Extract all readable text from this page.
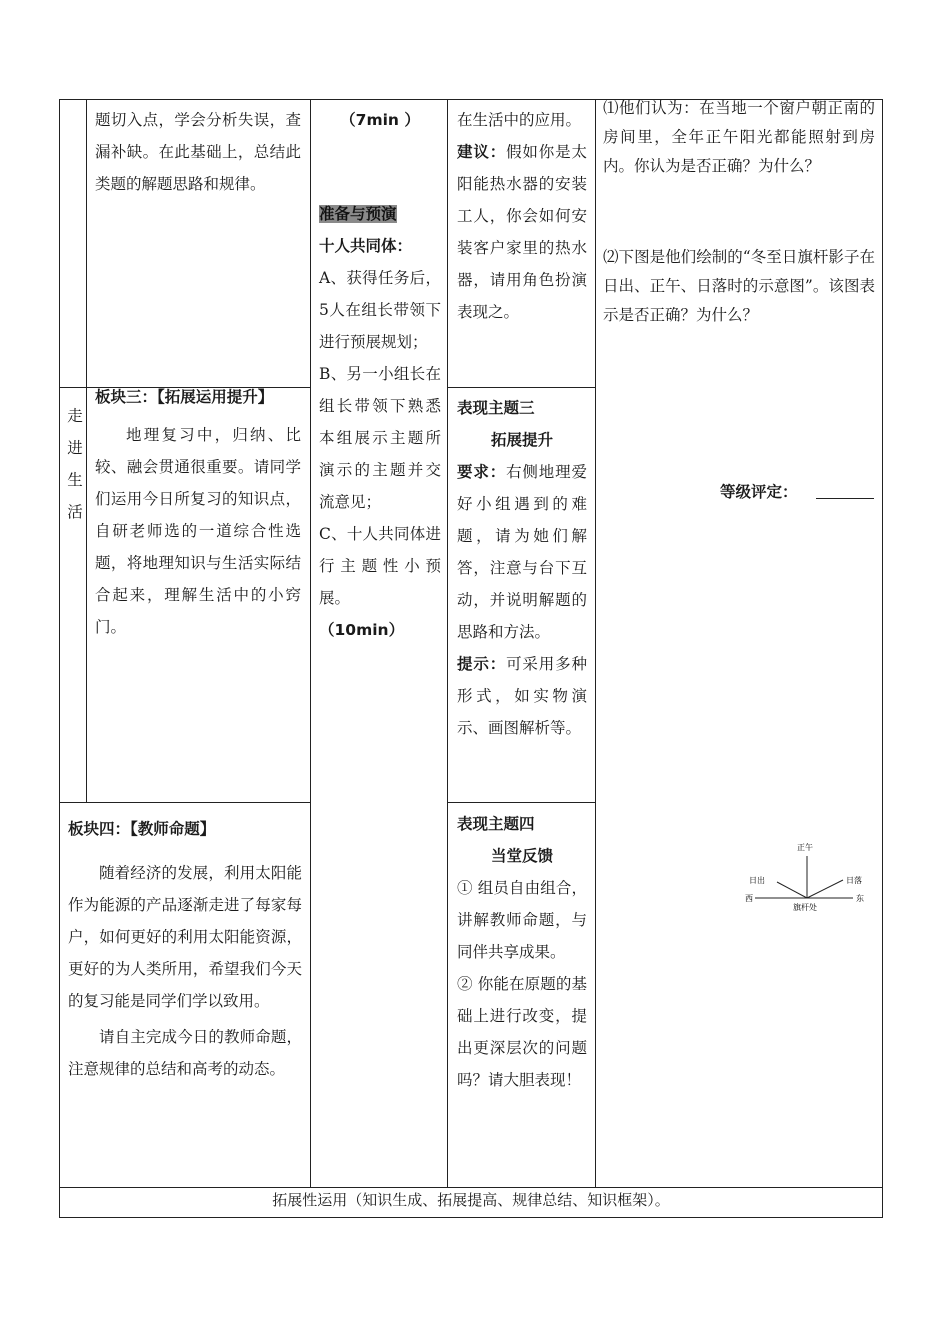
题切入点，学会分析失误，查漏补缺。在此基础上，总结此类题的解题思路和规律。

走
进
生
活

板块三：【拓展运用提升】

地理复习中，归纳、比较、融会贯通很重要。请同学们运用今日所复习的知识点，自研老师选的一道综合性选题，将地理知识与生活实际结合起来，理解生活中的小窍门。

板块四：【教师命题】

随着经济的发展，利用太阳能作为能源的产品逐渐走进了每家每户，如何更好的利用太阳能资源，更好的为人类所用，希望我们今天的复习能是同学们学以致用。

请自主完成今日的教师命题，注意规律的总结和高考的动态。

（7min ）

准备与预演

十人共同体：

A、获得任务后，5人在组长带领下进行预展规划；

B、另一小组长在组长带领下熟悉本组展示主题所演示的主题并交流意见；

C、十人共同体进行主题性小预展。

（10min）

在生活中的应用。

建议：假如你是太阳能热水器的安装工人，你会如何安装客户家里的热水器，请用角色扮演表现之。

表现主题三

拓展提升

要求：右侧地理爱好小组遇到的难题，请为她们解答，注意与台下互动，并说明解题的思路和方法。

提示：可采用多种形式，如实物演示、画图解析等。

表现主题四

当堂反馈

① 组员自由组合，讲解教师命题，与同伴共享成果。

② 你能在原题的基础上进行改变，提出更深层次的问题吗？请大胆表现！

⑴他们认为：在当地一个窗户朝正南的房间里，全年正午阳光都能照射到房内。你认为是否正确？为什么？

⑵下图是他们绘制的“冬至日旗杆影子在日出、正午、日落时的示意图”。该图表示是否正确？为什么？

等级评定：
正午
日出	日落
西	东
旗杆处
拓展性运用（知识生成、拓展提高、规律总结、知识框架）。
